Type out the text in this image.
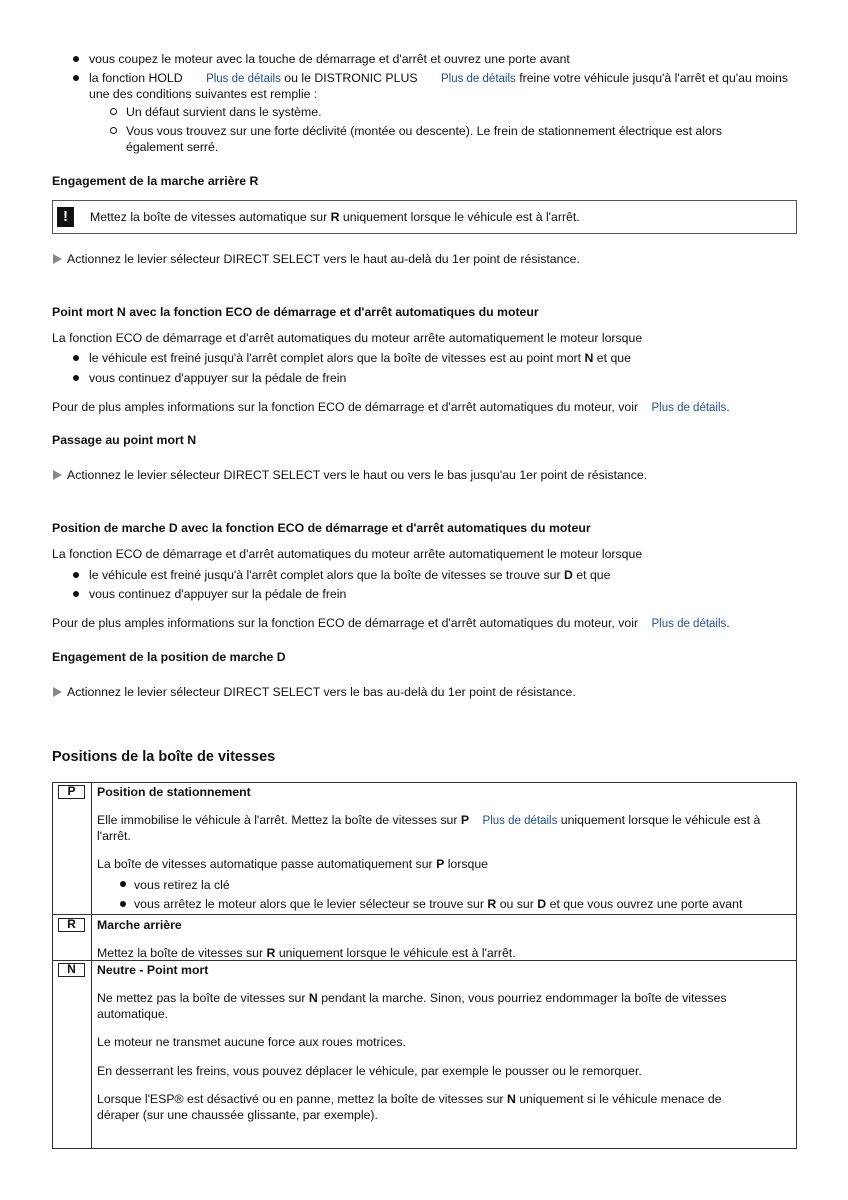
vous coupez le moteur avec la touche de démarrage et d'arrêt et ouvrez une porte avant
la fonction HOLD Plus de détails ou le DISTRONIC PLUS Plus de détails freine votre véhicule jusqu'à l'arrêt et qu'au moins
une des conditions suivantes est remplie :
Un défaut survient dans le système.
Vous vous trouvez sur une forte déclivité (montée ou descente). Le frein de stationnement électrique est alors
également serré.
Engagement de la marche arrière R
!	Mettez la boîte de vitesses automatique sur R uniquement lorsque le véhicule est à l'arrêt.
Actionnez le levier sélecteur DIRECT SELECT vers le haut au-delà du 1er point de résistance.
Point mort N avec la fonction ECO de démarrage et d'arrêt automatiques du moteur
La fonction ECO de démarrage et d'arrêt automatiques du moteur arrête automatiquement le moteur lorsque
le véhicule est freiné jusqu'à l'arrêt complet alors que la boîte de vitesses est au point mort N et que
vous continuez d'appuyer sur la pédale de frein
Pour de plus amples informations sur la fonction ECO de démarrage et d'arrêt automatiques du moteur, voir Plus de détails.
Passage au point mort N
Actionnez le levier sélecteur DIRECT SELECT vers le haut ou vers le bas jusqu'au 1er point de résistance.
Position de marche D avec la fonction ECO de démarrage et d'arrêt automatiques du moteur
La fonction ECO de démarrage et d'arrêt automatiques du moteur arrête automatiquement le moteur lorsque
le véhicule est freiné jusqu'à l'arrêt complet alors que la boîte de vitesses se trouve sur D et que
vous continuez d'appuyer sur la pédale de frein
Pour de plus amples informations sur la fonction ECO de démarrage et d'arrêt automatiques du moteur, voir Plus de détails.
Engagement de la position de marche D
Actionnez le levier sélecteur DIRECT SELECT vers le bas au-delà du 1er point de résistance.
Positions de la boîte de vitesses
P	Position de stationnement
Elle immobilise le véhicule à l'arrêt. Mettez la boîte de vitesses sur P Plus de détails uniquement lorsque le véhicule est à
l'arrêt.
La boîte de vitesses automatique passe automatiquement sur P lorsque
vous retirez la clé
vous arrêtez le moteur alors que le levier sélecteur se trouve sur R ou sur D et que vous ouvrez une porte avant
R	Marche arrière
Mettez la boîte de vitesses sur R uniquement lorsque le véhicule est à l'arrêt.
N	Neutre - Point mort
Ne mettez pas la boîte de vitesses sur N pendant la marche. Sinon, vous pourriez endommager la boîte de vitesses
automatique.
Le moteur ne transmet aucune force aux roues motrices.
En desserrant les freins, vous pouvez déplacer le véhicule, par exemple le pousser ou le remorquer.
Lorsque l'ESP® est désactivé ou en panne, mettez la boîte de vitesses sur N uniquement si le véhicule menace de
déraper (sur une chaussée glissante, par exemple).
